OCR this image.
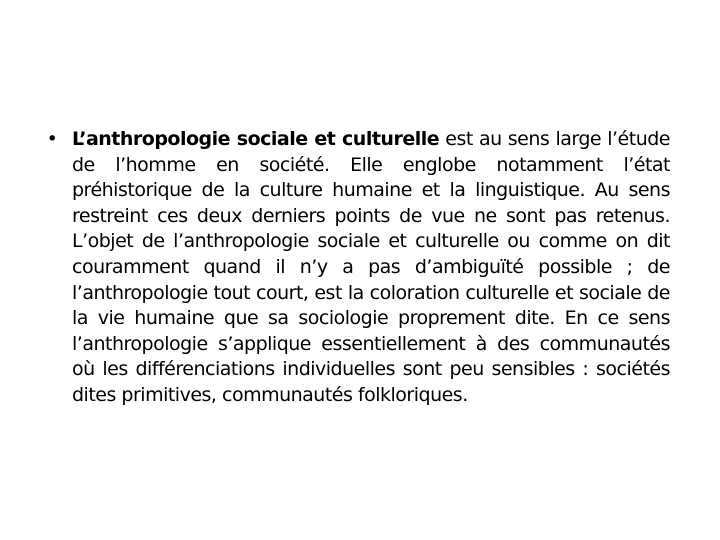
• L’anthropologie sociale et culturelle est au sens large l’étude de l’homme en société. Elle englobe notamment l’état préhistorique de la culture humaine et la linguistique. Au sens restreint ces deux derniers points de vue ne sont pas retenus. L’objet de l’anthropologie sociale et culturelle ou comme on dit couramment quand il n’y a pas d’ambiguïté possible ; de l’anthropologie tout court, est la coloration culturelle et sociale de la vie humaine que sa sociologie proprement dite. En ce sens l’anthropologie s’applique essentiellement à des communautés où les différenciations individuelles sont peu sensibles : sociétés dites primitives, communautés folkloriques.
